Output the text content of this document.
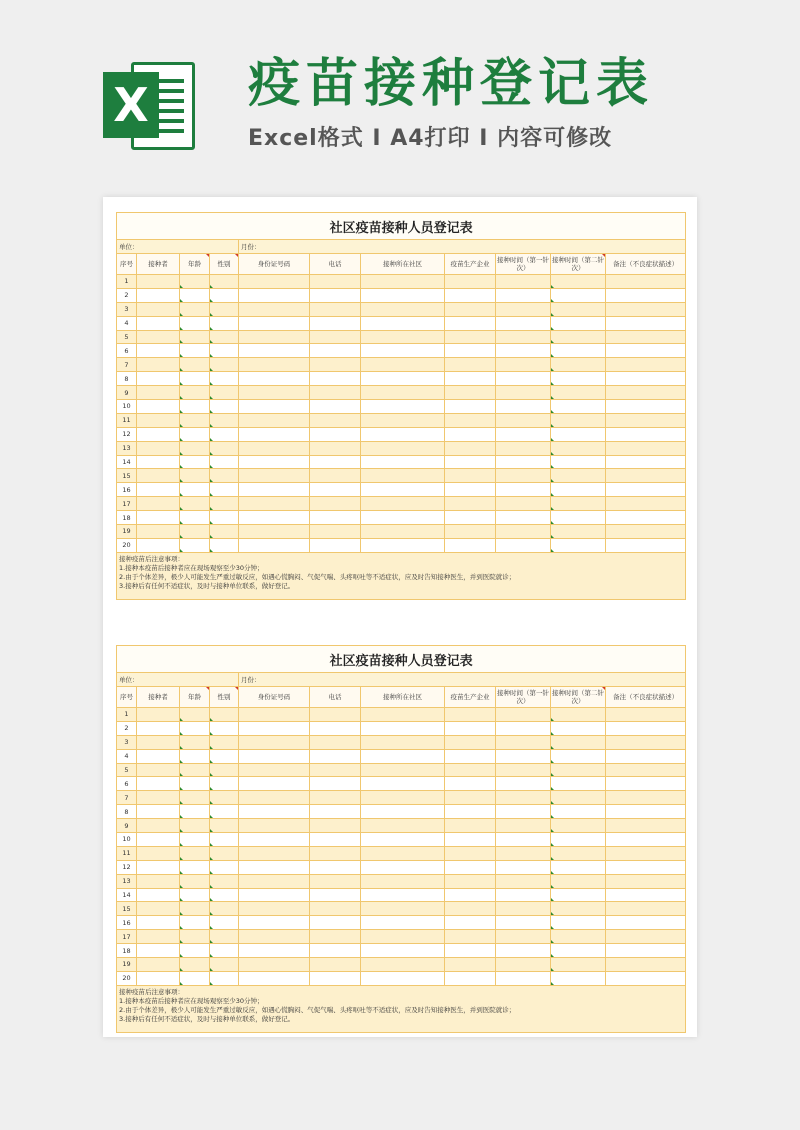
X 疫苗接种登记表
Excel格式 I A4打印 I 内容可修改
社区疫苗接种人员登记表										
单位：				月份：						
序号	接种者	年龄	性别	身份证号码	电话	接种所在社区	疫苗生产企业	接种时间（第一针次）	接种时间（第二针次）	备注（不良症状描述）
1										
2										
3										
4										
5										
6										
7										
8										
9										
10										
11										
12										
13										
14										
15										
16										
17										
18										
19										
20										

接种疫苗后注意事项：
1.接种本疫苗后接种者应在现场观察至少30分钟；
2.由于个体差异，极少人可能发生严重过敏反应，如遇心慌胸闷、气促气喘、头疼呕吐等不适症状，应及时告知接种医生，并到医院就诊；
3.接种后有任何不适症状，及时与接种单位联系，做好登记。										
社区疫苗接种人员登记表										
单位：				月份：						
序号	接种者	年龄	性别	身份证号码	电话	接种所在社区	疫苗生产企业	接种时间（第一针次）	接种时间（第二针次）	备注（不良症状描述）
1										
2										
3										
4										
5										
6										
7										
8										
9										
10										
11										
12										
13										
14										
15										
16										
17										
18										
19										
20										

接种疫苗后注意事项：
1.接种本疫苗后接种者应在现场观察至少30分钟；
2.由于个体差异，极少人可能发生严重过敏反应，如遇心慌胸闷、气促气喘、头疼呕吐等不适症状，应及时告知接种医生，并到医院就诊；
3.接种后有任何不适症状，及时与接种单位联系，做好登记。										
